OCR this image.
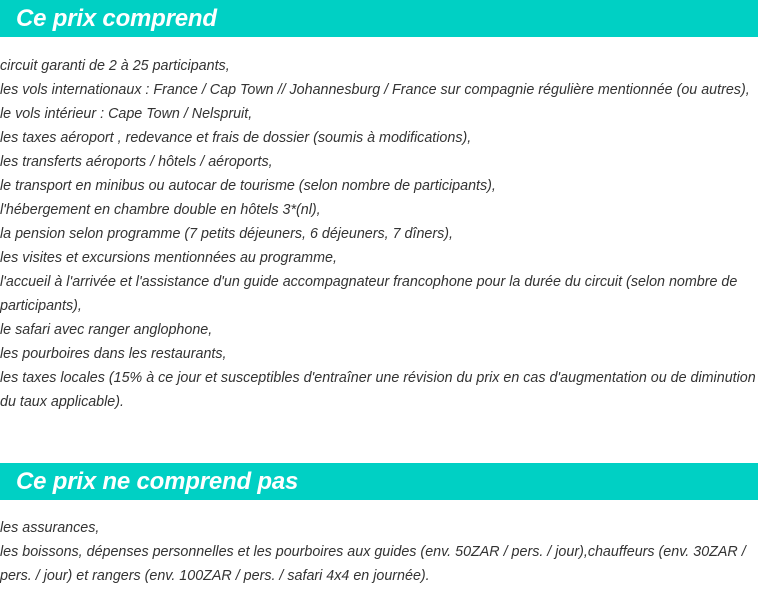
Ce prix comprend
circuit garanti de 2 à 25 participants,
les vols internationaux : France / Cap Town // Johannesburg / France sur compagnie régulière mentionnée (ou autres),
le vols intérieur : Cape Town / Nelspruit,
les taxes aéroport , redevance et frais de dossier (soumis à modifications),
les transferts aéroports / hôtels / aéroports,
le transport en minibus ou autocar de tourisme (selon nombre de participants),
l'hébergement en chambre double en hôtels 3*(nl),
la pension selon programme (7 petits déjeuners, 6 déjeuners, 7 dîners),
les visites et excursions mentionnées au programme,
l'accueil à l'arrivée et l'assistance d'un guide accompagnateur francophone pour la durée du circuit (selon nombre de participants),
le safari avec ranger anglophone,
les pourboires dans les restaurants,
les taxes locales (15% à ce jour et susceptibles d'entraîner une révision du prix en cas d'augmentation ou de diminution du taux applicable).
Ce prix ne comprend pas
les assurances,
les boissons, dépenses personnelles et les pourboires aux guides (env. 50ZAR / pers. / jour),chauffeurs (env. 30ZAR / pers. / jour) et rangers (env. 100ZAR / pers. / safari 4x4 en journée).
